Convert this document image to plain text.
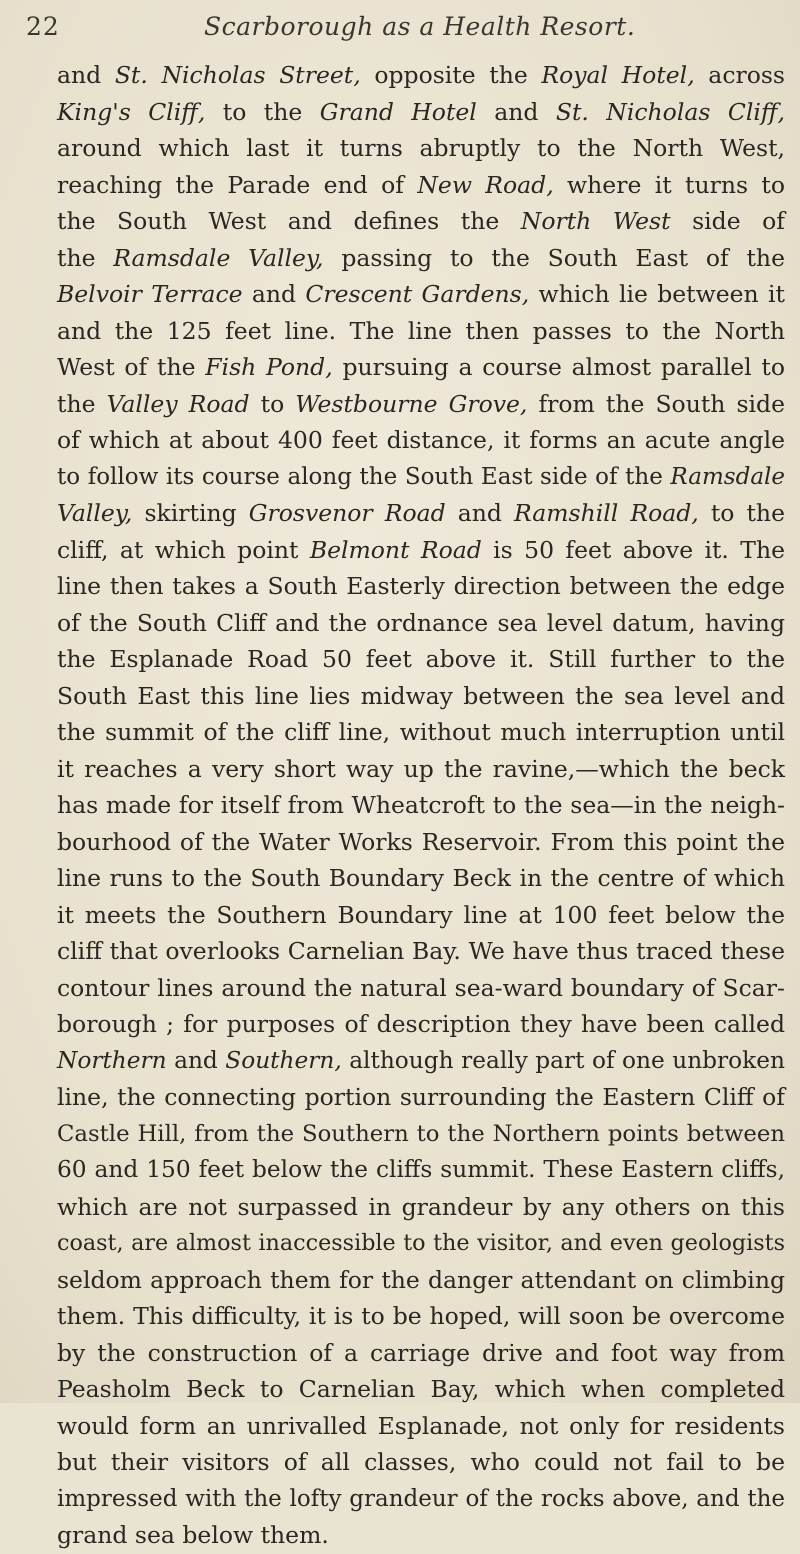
22	Scarborough as a Health Resort.
and St. Nicholas Street, opposite the Royal Hotel, across
King's Cliff, to the Grand Hotel and St. Nicholas Cliff,
around which last it turns abruptly to the North West,
reaching the Parade end of New Road, where it turns to
the South West and defines the North West side of
the Ramsdale Valley, passing to the South East of the
Belvoir Terrace and Crescent Gardens, which lie between it
and the 125 feet line. The line then passes to the North
West of the Fish Pond, pursuing a course almost parallel to
the Valley Road to Westbourne Grove, from the South side
of which at about 400 feet distance, it forms an acute angle
to follow its course along the South East side of the Ramsdale
Valley, skirting Grosvenor Road and Ramshill Road, to the
cliff, at which point Belmont Road is 50 feet above it. The
line then takes a South Easterly direction between the edge
of the South Cliff and the ordnance sea level datum, having
the Esplanade Road 50 feet above it. Still further to the
South East this line lies midway between the sea level and
the summit of the cliff line, without much interruption until
it reaches a very short way up the ravine,—which the beck
has made for itself from Wheatcroft to the sea—in the neigh-
bourhood of the Water Works Reservoir. From this point the
line runs to the South Boundary Beck in the centre of which
it meets the Southern Boundary line at 100 feet below the
cliff that overlooks Carnelian Bay. We have thus traced these
contour lines around the natural sea-ward boundary of Scar-
borough ; for purposes of description they have been called
Northern and Southern, although really part of one unbroken
line, the connecting portion surrounding the Eastern Cliff of
Castle Hill, from the Southern to the Northern points between
60 and 150 feet below the cliffs summit. These Eastern cliffs,
which are not surpassed in grandeur by any others on this
coast, are almost inaccessible to the visitor, and even geologists
seldom approach them for the danger attendant on climbing
them. This difficulty, it is to be hoped, will soon be overcome
by the construction of a carriage drive and foot way from
Peasholm Beck to Carnelian Bay, which when completed
would form an unrivalled Esplanade, not only for residents
but their visitors of all classes, who could not fail to be
impressed with the lofty grandeur of the rocks above, and the
grand sea below them.
